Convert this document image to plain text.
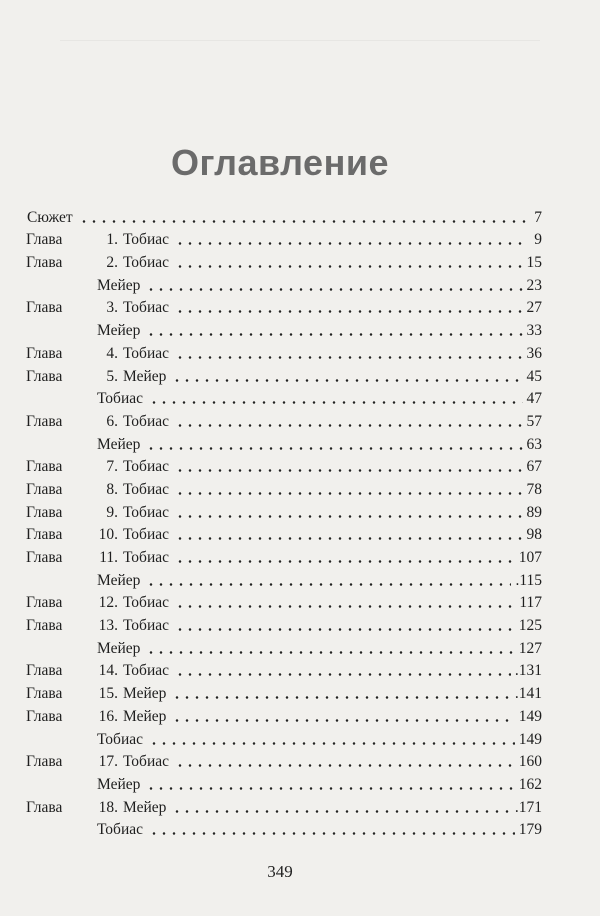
Оглавление
Сюжет	7
Глава	1. Тобиас	9
Глава	2. Тобиас	15
Мейер	23
Глава	3. Тобиас	27
Мейер	33
Глава	4. Тобиас	36
Глава	5. Мейер	45
Тобиас	47
Глава	6. Тобиас	57
Мейер	63
Глава	7. Тобиас	67
Глава	8. Тобиас	78
Глава	9. Тобиас	89
Глава	10. Тобиас	98
Глава	11. Тобиас	107
Мейер	.115
Глава	12. Тобиас	117
Глава	13. Тобиас	125
Мейер	127
Глава	14. Тобиас	.131
Глава	15. Мейер	.141
Глава	16. Мейер	149
Тобиас	149
Глава	17. Тобиас	160
Мейер	162
Глава	18. Мейер	.171
Тобиас	179
349
